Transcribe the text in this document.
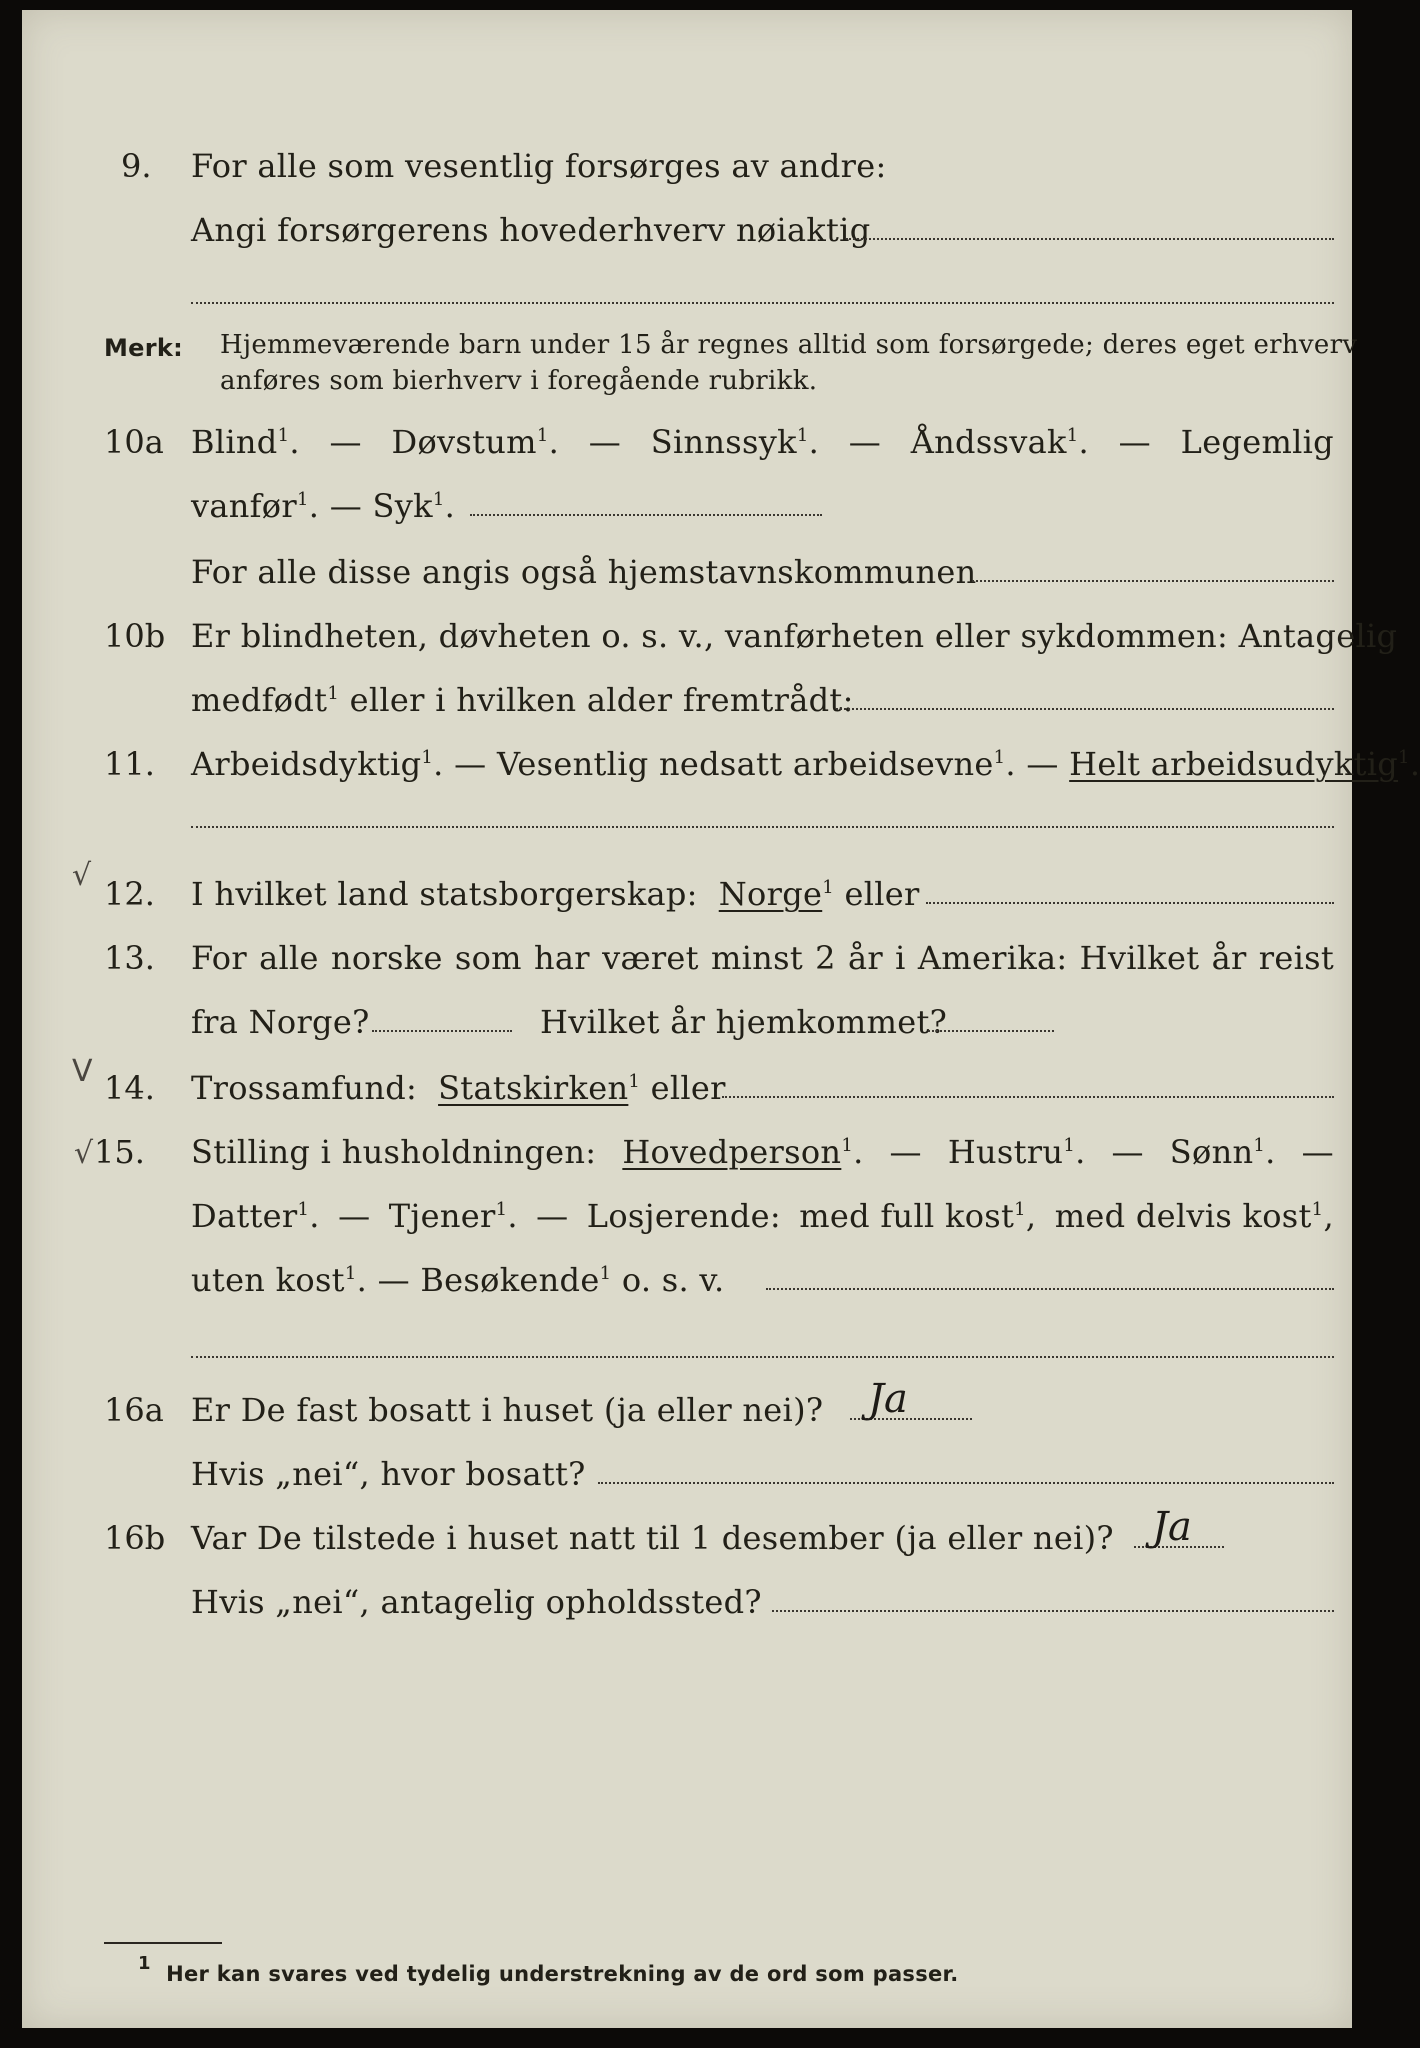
9. For alle som vesentlig forsørges av andre:
Angi forsørgerens hovederhverv nøiaktig
Merk: Hjemmeværende barn under 15 år regnes alltid som forsørgede; deres eget erhverv
anføres som bierhverv i foregående rubrikk.
10a Blind$^1$. — Døvstum$^1$. — Sinnssyk$^1$. — Åndssvak$^1$. — Legemlig
vanfør$^1$. — Syk$^1$.
For alle disse angis også hjemstavnskommunen
10b Er blindheten, døvheten o. s. v., vanførheten eller sykdommen: Antagelig
medfødt$^1$ eller i hvilken alder fremtrådt:
11. Arbeidsdyktig$^1$. — Vesentlig nedsatt arbeidsevne$^1$. — Helt arbeidsudyktig$^1$.
√ 12. I hvilket land statsborgerskap: Norge$^1$ eller
13. For alle norske som har været minst 2 år i Amerika: Hvilket år reist
fra Norge?	Hvilket år hjemkommet?
V 14. Trossamfund: Statskirken$^1$ eller
√ 15. Stilling i husholdningen: Hovedperson$^1$. — Hustru$^1$. — Sønn$^1$. —
Datter$^1$. — Tjener$^1$. — Losjerende: med full kost$^1$, med delvis kost$^1$,
uten kost$^1$. — Besøkende$^1$ o. s. v.
16a Er De fast bosatt i huset (ja eller nei)? Ja
Hvis „nei“, hvor bosatt?
16b Var De tilstede i huset natt til 1 desember (ja eller nei)? Ja
Hvis „nei“, antagelig opholdssted?
$^1$ Her kan svares ved tydelig understrekning av de ord som passer.
